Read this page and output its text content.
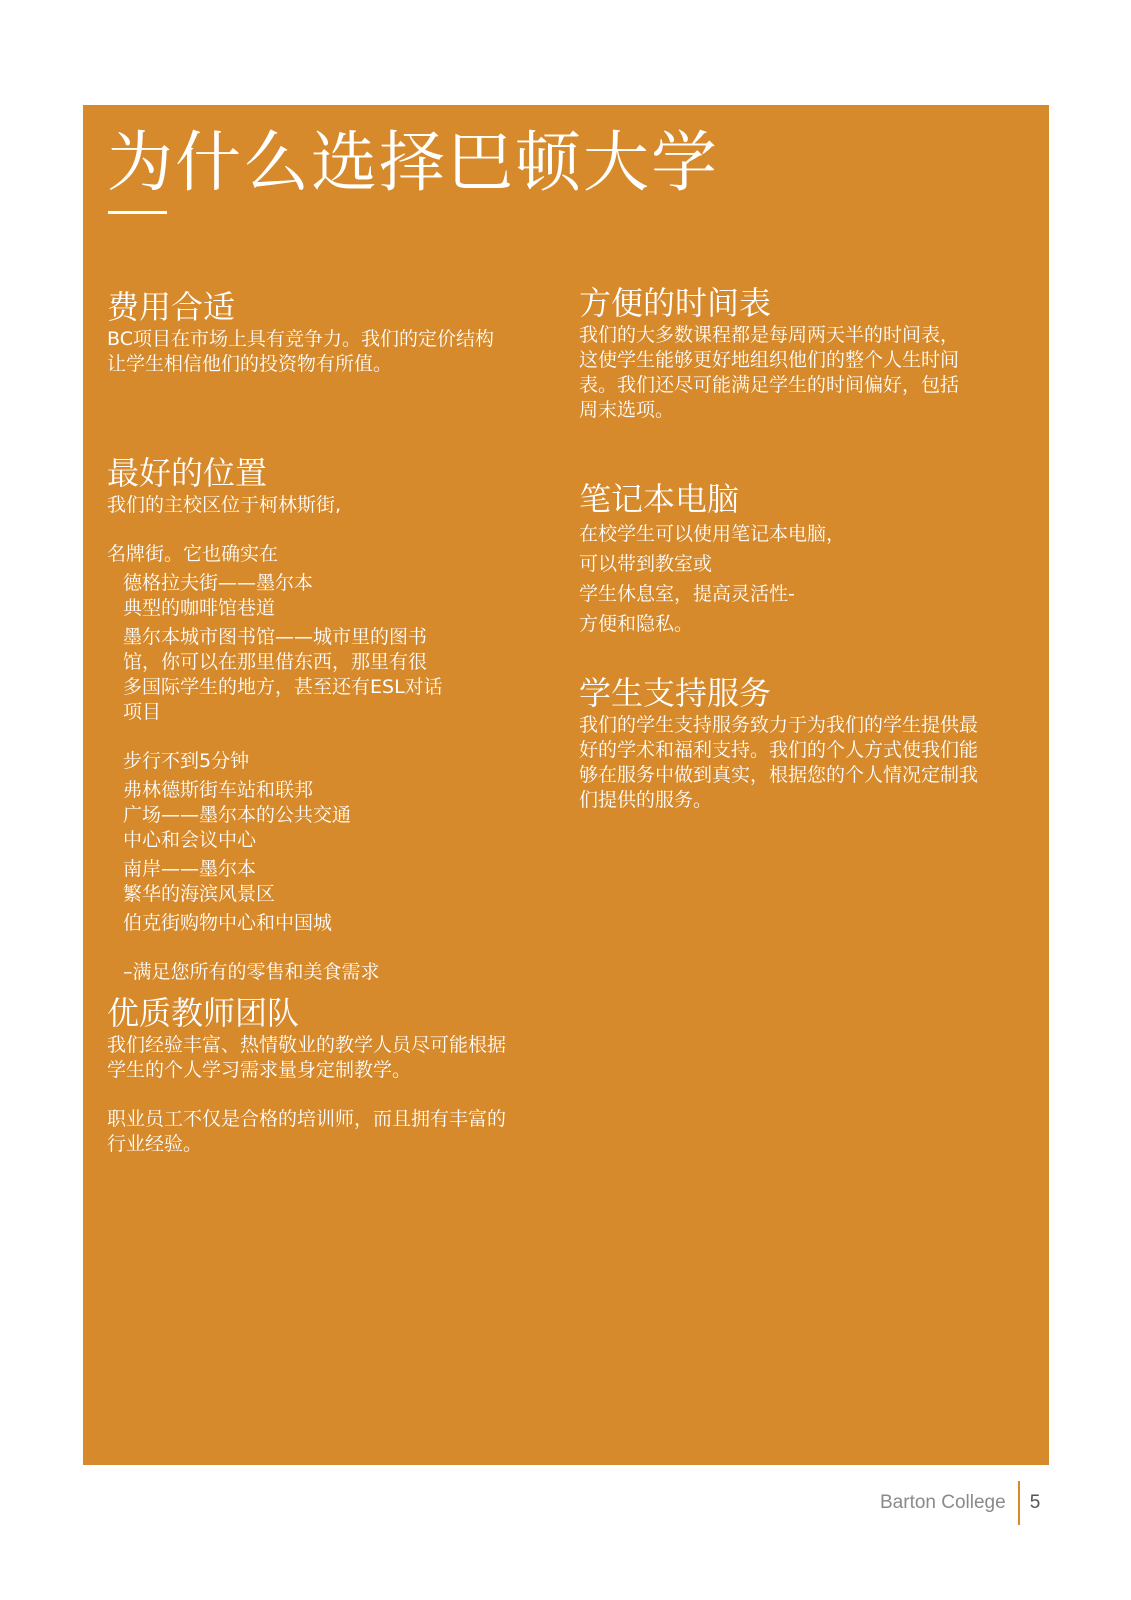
为什么选择巴顿大学
费用合适

BC项目在市场上具有竞争力。我们的定价结构

让学生相信他们的投资物有所值。

最好的位置

我们的主校区位于柯林斯街,

名牌街。它也确实在

德格拉夫街——墨尔本

典型的咖啡馆巷道

墨尔本城市图书馆——城市里的图书

馆，你可以在那里借东西，那里有很

多国际学生的地方，甚至还有ESL对话

项目

步行不到5分钟

弗林德斯街车站和联邦

广场——墨尔本的公共交通

中心和会议中心

南岸——墨尔本

繁华的海滨风景区

伯克街购物中心和中国城

–满足您所有的零售和美食需求

优质教师团队

我们经验丰富、热情敬业的教学人员尽可能根据

学生的个人学习需求量身定制教学。

职业员工不仅是合格的培训师，而且拥有丰富的

行业经验。

方便的时间表

我们的大多数课程都是每周两天半的时间表，

这使学生能够更好地组织他们的整个人生时间

表。我们还尽可能满足学生的时间偏好，包括

周末选项。

笔记本电脑

在校学生可以使用笔记本电脑，

可以带到教室或

学生休息室，提高灵活性-

方便和隐私。

学生支持服务

我们的学生支持服务致力于为我们的学生提供最

好的学术和福利支持。我们的个人方式使我们能

够在服务中做到真实，根据您的个人情况定制我

们提供的服务。

Barton College	5
